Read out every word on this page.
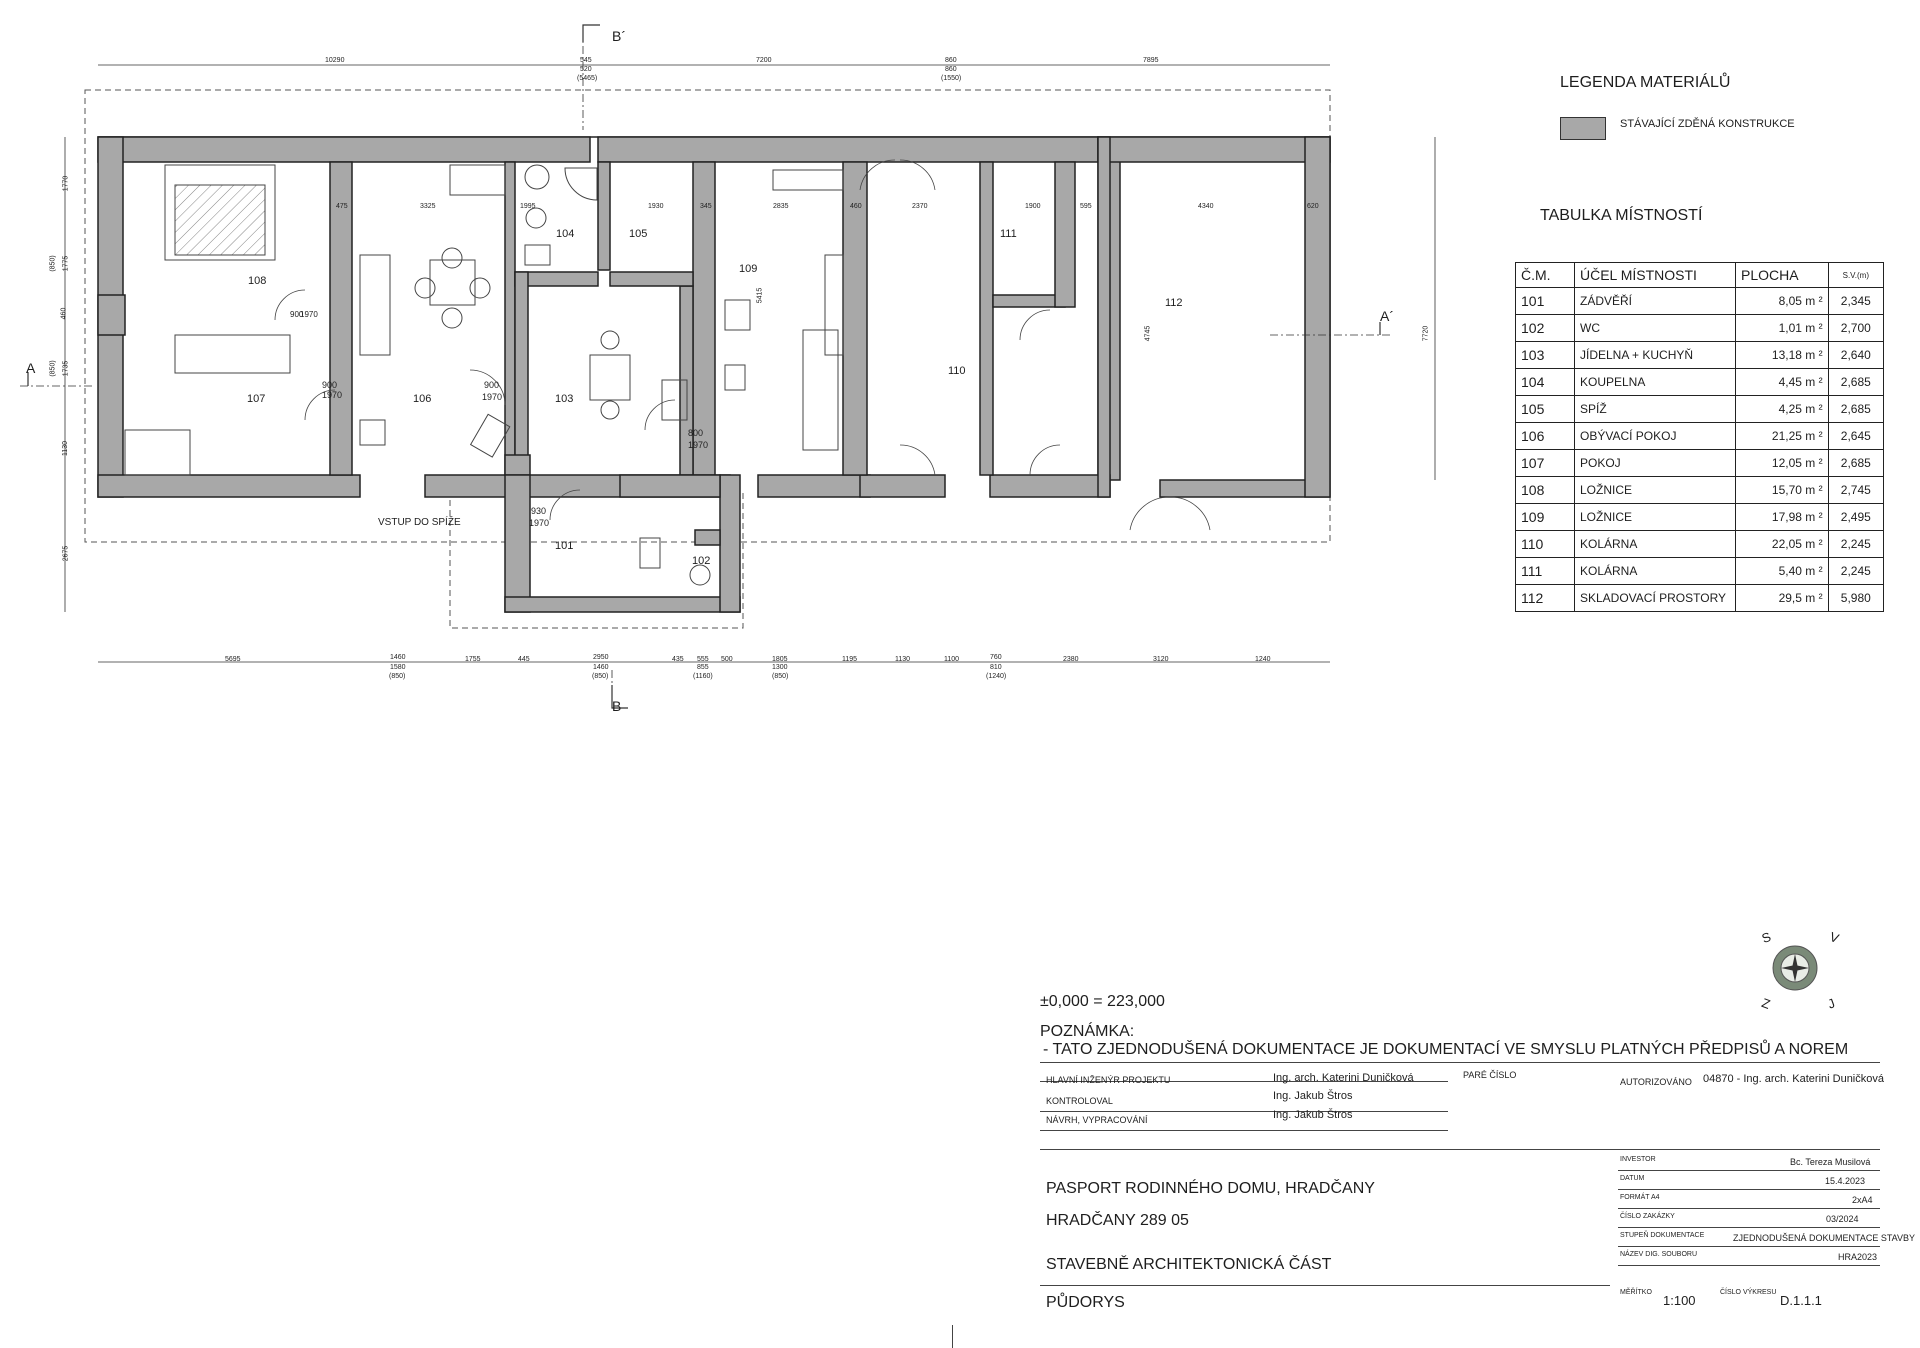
108
106
104	105
109
111
112
107	103
110
101
102
B´
B
A
A´
VSTUP DO SPÍŽE
10290	545
520
(5465)
7200	860
860
(1550)
7895
5695	1460
1580
(850)
1755	445	2950
1460
(850)
435 555
855
(1160)
500	1805
1300
(850)
1195	1130	1100	760
810
(1240)
2380	3120	1240
3325	1995	1930	2835	2370	1900	4340
475	345	460	595	620
4745
5415
7720
900
1970
900
1970
800
1970
930
1970
900
1970
1770
(850) 1775
460
1735
(850)
1130
2675
LEGENDA MATERIÁLŮ
STÁVAJÍCÍ ZDĚNÁ KONSTRUKCE
TABULKA MÍSTNOSTÍ
Č.M.	ÚČEL MÍSTNOSTI	PLOCHA	S.V.(m)
101	ZÁDVĚŘÍ	8,05 m ²	2,345
102	WC	1,01 m ²	2,700
103	JÍDELNA + KUCHYŇ	13,18 m ²	2,640
104	KOUPELNA	4,45 m ²	2,685
105	SPÍŽ	4,25 m ²	2,685
106	OBÝVACÍ POKOJ	21,25 m ²	2,645
107	POKOJ	12,05 m ²	2,685
108	LOŽNICE	15,70 m ²	2,745
109	LOŽNICE	17,98 m ²	2,495
110	KOLÁRNA	22,05 m ²	2,245
111	KOLÁRNA	5,40 m ²	2,245
112	SKLADOVACÍ PROSTORY	29,5 m ²	5,980
S	V
Z	J
±0,000 = 223,000
POZNÁMKA:
- TATO ZJEDNODUŠENÁ DOKUMENTACE JE DOKUMENTACÍ VE SMYSLU PLATNÝCH PŘEDPISŮ A NOREM
HLAVNÍ INŽENÝR PROJEKTU	Ing. arch. Katerini Duničková
KONTROLOVAL	Ing. Jakub Štros
NÁVRH, VYPRACOVÁNÍ	Ing. Jakub Štros
PARÉ ČÍSLO
AUTORIZOVÁNO 04870 - Ing. arch. Katerini Duničková
PASPORT RODINNÉHO DOMU, HRADČANY
HRADČANY 289 05
STAVEBNĚ ARCHITEKTONICKÁ ČÁST
PŮDORYS
INVESTOR	Bc. Tereza Musilová
DATUM	15.4.2023
FORMÁT A4	2xA4
ČÍSLO ZAKÁZKY	03/2024
STUPEŇ DOKUMENTACE	ZJEDNODUŠENÁ DOKUMENTACE STAVBY
NÁZEV DIG. SOUBORU	HRA2023
MĚŘÍTKO
1:100
ČÍSLO VÝKRESU
D.1.1.1
